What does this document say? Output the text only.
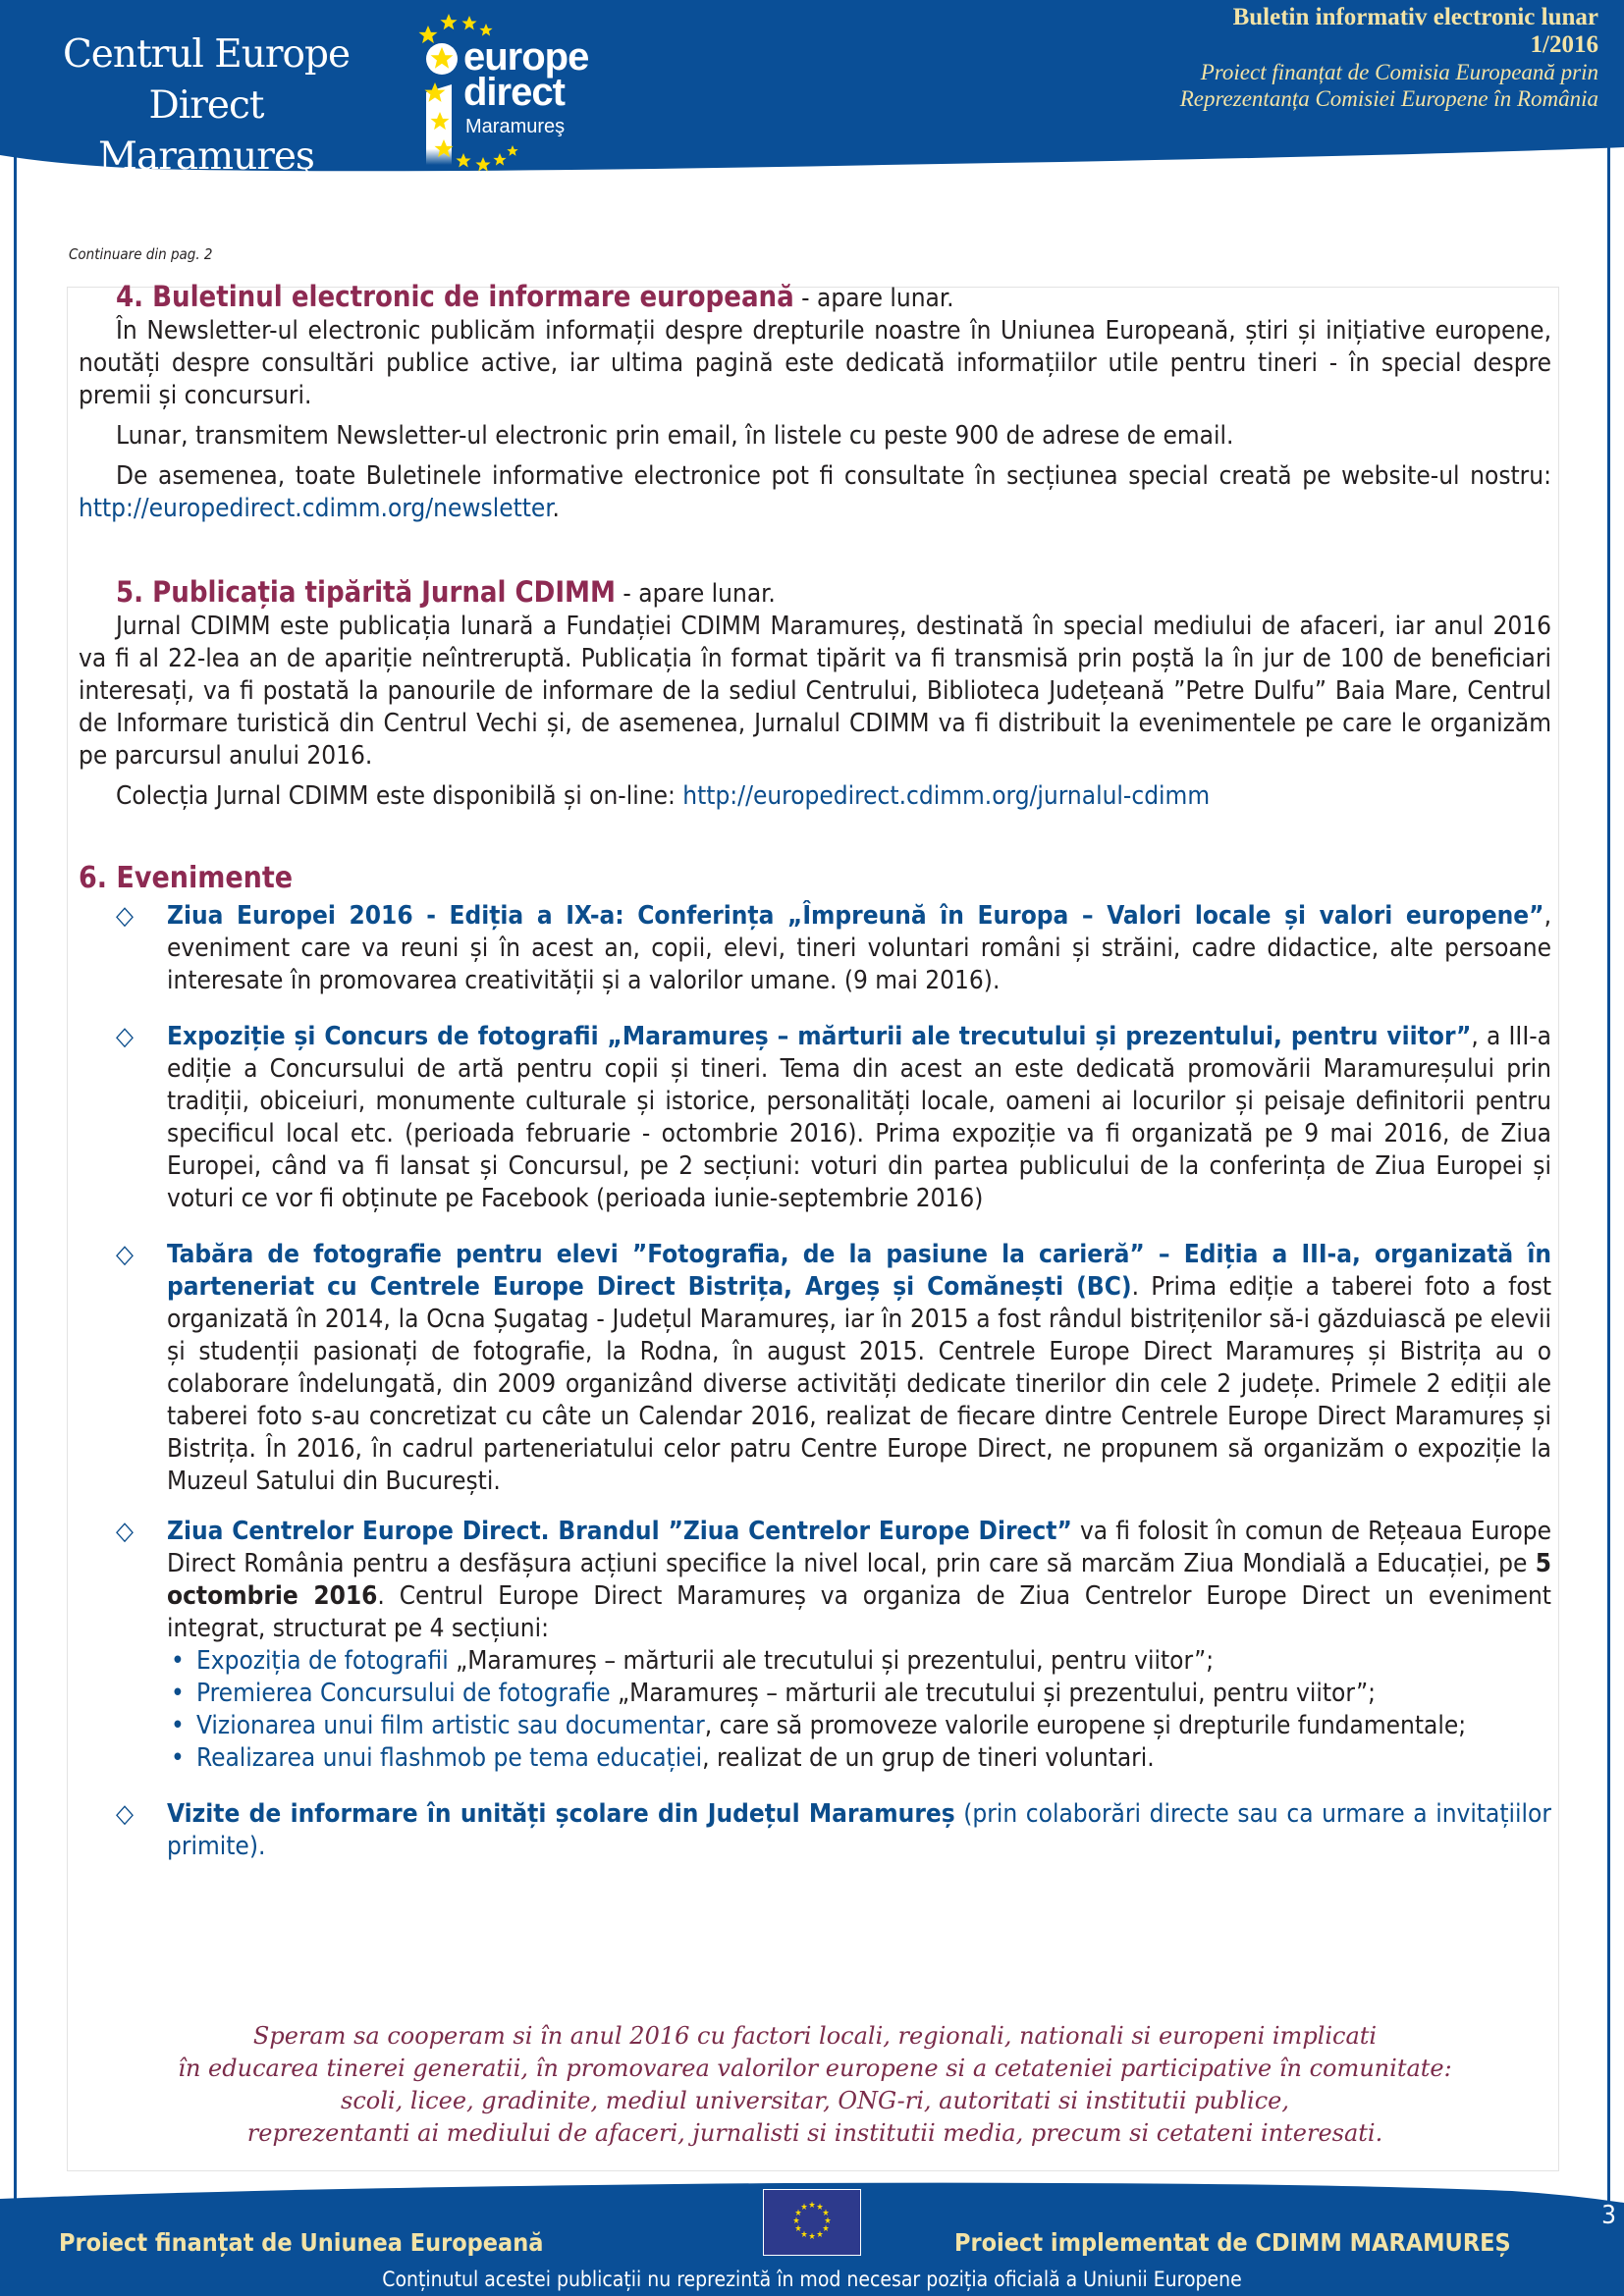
Centrul Europe
Direct Maramureş
europe
direct
Maramureş
Buletin informativ electronic lunar
1/2016
Proiect finanțat de Comisia Europeană prin
Reprezentanța Comisiei Europene în România
Continuare din pag. 2

4. Buletinul electronic de informare europeană - apare lunar.

În Newsletter-ul electronic publicăm informații despre drepturile noastre în Uniunea Europeană, știri și inițiative europene, noutăți despre consultări publice active, iar ultima pagină este dedicată informațiilor utile pentru tineri - în special despre premii și concursuri.

Lunar, transmitem Newsletter-ul electronic prin email, în listele cu peste 900 de adrese de email.

De asemenea, toate Buletinele informative electronice pot fi consultate în secțiunea special creată pe website-ul nostru: http://europedirect.cdimm.org/newsletter.

5. Publicația tipărită Jurnal CDIMM - apare lunar.

Jurnal CDIMM este publicația lunară a Fundației CDIMM Maramureș, destinată în special mediului de afaceri, iar anul 2016 va fi al 22-lea an de apariție neîntreruptă. Publicația în format tipărit va fi transmisă prin poștă la în jur de 100 de beneficiari interesați, va fi postată la panourile de informare de la sediul Centrului, Biblioteca Județeană ”Petre Dulfu” Baia Mare, Centrul de Informare turistică din Centrul Vechi și, de asemenea, Jurnalul CDIMM va fi distribuit la evenimentele pe care le organizăm pe parcursul anului 2016.

Colecția Jurnal CDIMM este disponibilă și on-line: http://europedirect.cdimm.org/jurnalul-cdimm

6. Evenimente

◇ Ziua Europei 2016 - Ediția a IX-a: Conferința „Împreună în Europa – Valori locale și valori europene”, eveniment care va reuni și în acest an, copii, elevi, tineri voluntari români și străini, cadre didactice, alte persoane interesate în promovarea creativității și a valorilor umane. (9 mai 2016).

◇ Expoziție și Concurs de fotografii „Maramureș – mărturii ale trecutului și prezentului, pentru viitor”, a III-a ediție a Concursului de artă pentru copii și tineri. Tema din acest an este dedicată promovării Maramureșului prin tradiții, obiceiuri, monumente culturale și istorice, personalități locale, oameni ai locurilor și peisaje definitorii pentru specificul local etc. (perioada februarie - octombrie 2016). Prima expoziție va fi organizată pe 9 mai 2016, de Ziua Europei, când va fi lansat și Concursul, pe 2 secțiuni: voturi din partea publicului de la conferința de Ziua Europei și voturi ce vor fi obținute pe Facebook (perioada iunie-septembrie 2016)

◇ Tabăra de fotografie pentru elevi ”Fotografia, de la pasiune la carieră” – Ediția a III-a, organizată în parteneriat cu Centrele Europe Direct Bistrița, Argeș și Comănești (BC). Prima ediție a taberei foto a fost organizată în 2014, la Ocna Șugatag - Județul Maramureș, iar în 2015 a fost rândul bistrițenilor să-i găzduiască pe elevii și studenții pasionați de fotografie, la Rodna, în august 2015. Centrele Europe Direct Maramureș și Bistrița au o colaborare îndelungată, din 2009 organizând diverse activități dedicate tinerilor din cele 2 județe. Primele 2 ediții ale taberei foto s-au concretizat cu câte un Calendar 2016, realizat de fiecare dintre Centrele Europe Direct Maramureș și Bistrița. În 2016, în cadrul parteneriatului celor patru Centre Europe Direct, ne propunem să organizăm o expoziție la Muzeul Satului din București.

◇ Ziua Centrelor Europe Direct. Brandul ”Ziua Centrelor Europe Direct” va fi folosit în comun de Rețeaua Europe Direct România pentru a desfășura acțiuni specifice la nivel local, prin care să marcăm Ziua Mondială a Educației, pe 5 octombrie 2016. Centrul Europe Direct Maramureș va organiza de Ziua Centrelor Europe Direct un eveniment integrat, structurat pe 4 secțiuni:

• Expoziția de fotografii „Maramureș – mărturii ale trecutului și prezentului, pentru viitor”;
• Premierea Concursului de fotografie „Maramureș – mărturii ale trecutului și prezentului, pentru viitor”;
• Vizionarea unui film artistic sau documentar, care să promoveze valorile europene și drepturile fundamentale;
• Realizarea unui flashmob pe tema educației, realizat de un grup de tineri voluntari.
◇ Vizite de informare în unități școlare din Județul Maramureș (prin colaborări directe sau ca urmare a invitațiilor primite).

Speram sa cooperam si în anul 2016 cu factori locali, regionali, nationali si europeni implicati
în educarea tinerei generatii, în promovarea valorilor europene si a cetateniei participative în comunitate:
scoli, licee, gradinite, mediul universitar, ONG-ri, autoritati si institutii publice,
reprezentanti ai mediului de afaceri, jurnalisti si institutii media, precum si cetateni interesati.
★ ★
★
★
★
★
★
★
★
★
★
★
Proiect finanțat de Uniunea Europeană	Proiect implementat de CDIMM MARAMUREȘ
Conținutul acestei publicații nu reprezintă în mod necesar poziția oficială a Uniunii Europene
3
